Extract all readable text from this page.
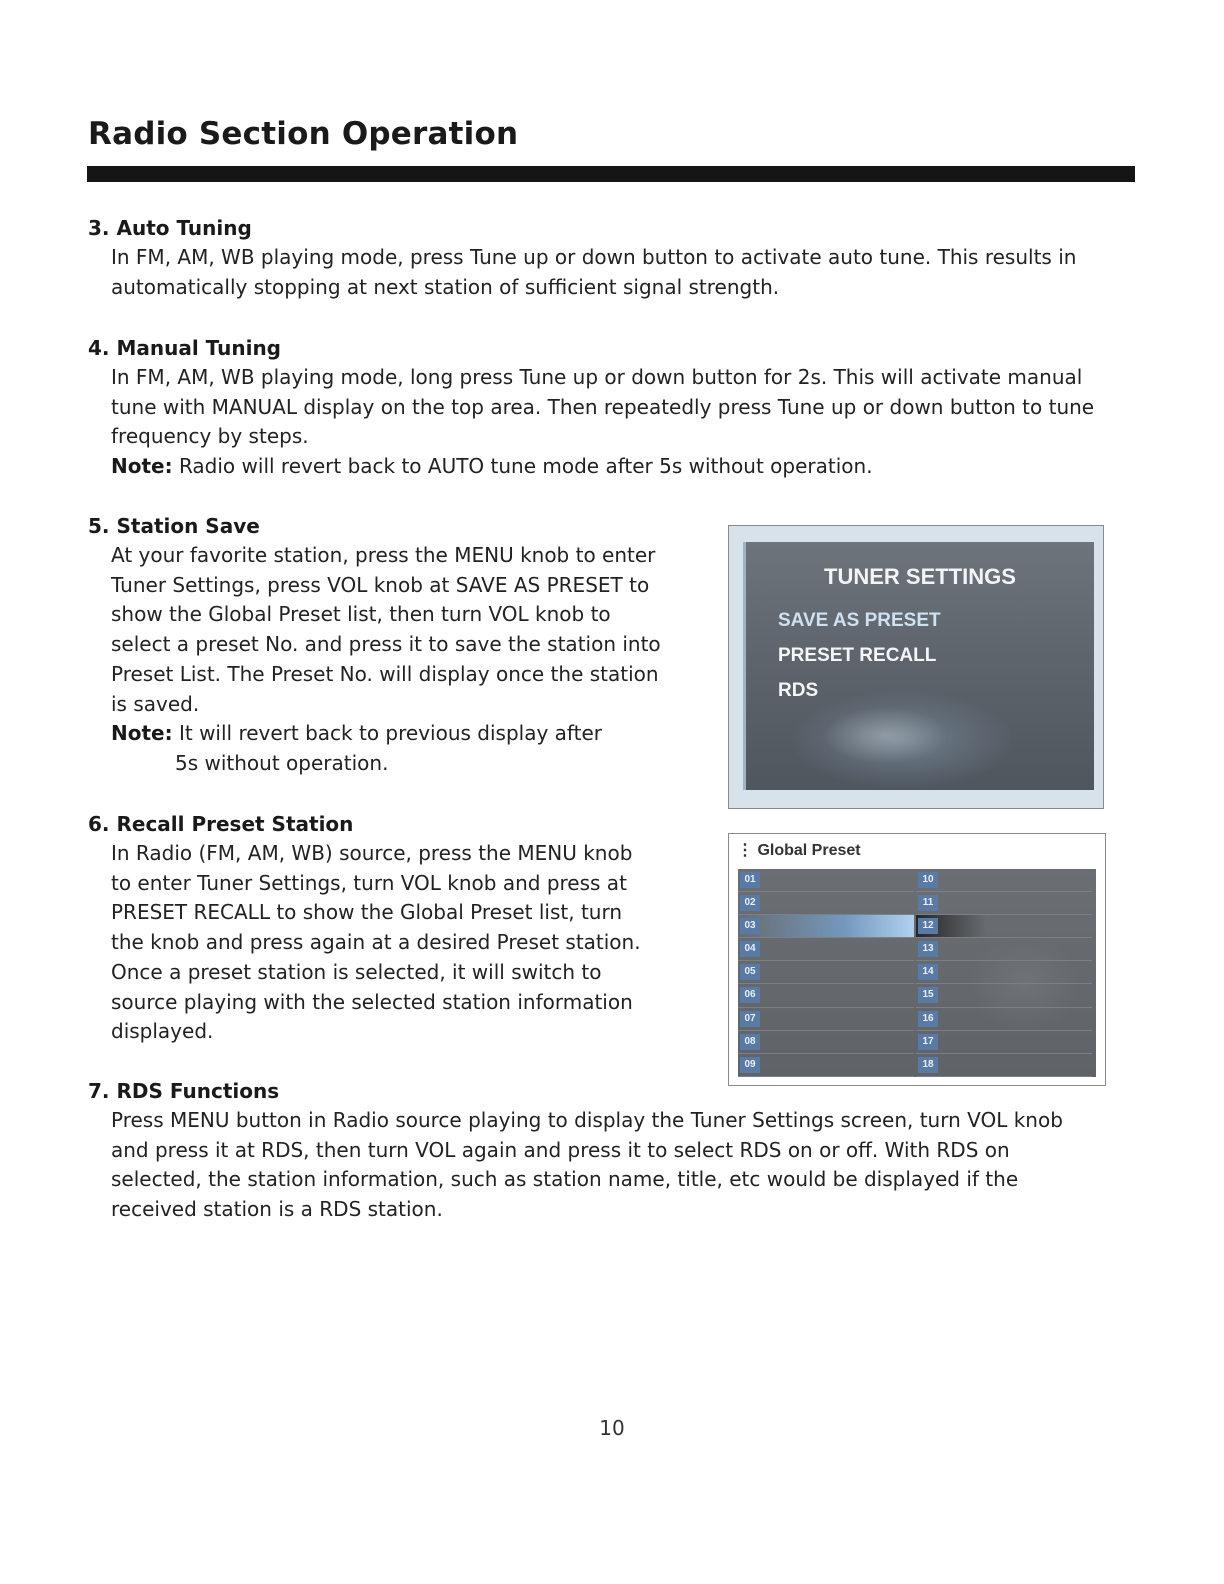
Radio Section Operation

3. Auto Tuning

In FM, AM, WB playing mode, press Tune up or down button to activate auto tune. This results in automatically stopping at next station of sufficient signal strength.

4. Manual Tuning

In FM, AM, WB playing mode, long press Tune up or down button for 2s. This will activate manual tune with MANUAL display on the top area. Then repeatedly press Tune up or down button to tune frequency by steps.

Note: Radio will revert back to AUTO tune mode after 5s without operation.

5. Station Save

At your favorite station, press the MENU knob to enter Tuner Settings, press VOL knob at SAVE AS PRESET to show the Global Preset list, then turn VOL knob to select a preset No. and press it to save the station into Preset List. The Preset No. will display once the station is saved.

Note: It will revert back to previous display after
5s without operation.

6. Recall Preset Station

In Radio (FM, AM, WB) source, press the MENU knob to enter Tuner Settings, turn VOL knob and press at PRESET RECALL to show the Global Preset list, turn the knob and press again at a desired Preset station. Once a preset station is selected, it will switch to source playing with the selected station information displayed.

7. RDS Functions

Press MENU button in Radio source playing to display the Tuner Settings screen, turn VOL knob and press it at RDS, then turn VOL again and press it to select RDS on or off. With RDS on selected, the station information, such as station name, title, etc would be displayed if the received station is a RDS station.

TUNER SETTINGS
SAVE AS PRESET
PRESET RECALL
RDS
⋮ Global Preset
01
02
03
04
05
06
07
08
09
10
11
12
13
14
15
16
17
18
10
